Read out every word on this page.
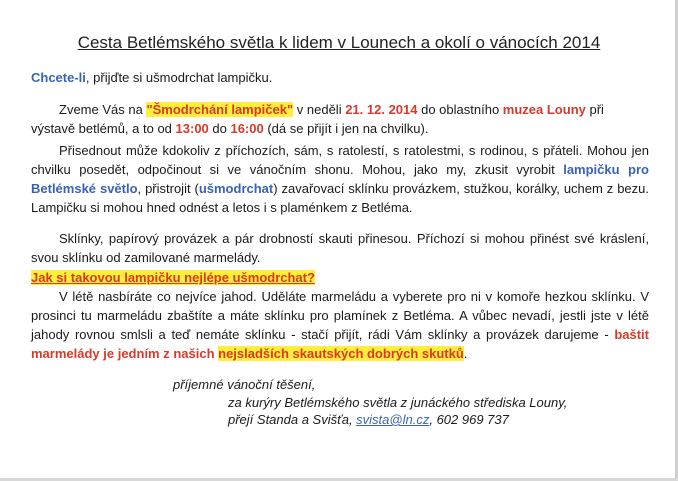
Cesta Betlémského světla k lidem v Lounech a okolí o vánocích 2014

Chcete-li, přijďte si ušmodrchat lampičku.

Zveme Vás na "Šmodrchání lampiček" v neděli 21. 12. 2014 do oblastního muzea Louny při výstavě betlémů, a to od 13:00 do 16:00 (dá se přijít i jen na chvilku).

Přisednout může kdokoliv z příchozích, sám, s ratolestí, s ratolestmi, s rodinou, s přáteli. Mohou jen chvilku posedět, odpočinout si ve vánočním shonu. Mohou, jako my, zkusit vyrobit lampičku pro Betlémské světlo, přistrojit (ušmodrchat) zavařovací sklínku provázkem, stužkou, korálky, uchem z bezu. Lampičku si mohou hned odnést a letos i s plaménkem z Betléma.

Sklínky, papírový provázek a pár drobností skauti přinesou. Příchozí si mohou přinést své kráslení, svou sklínku od zamilované marmelády.

Jak si takovou lampičku nejlépe ušmodrchat?

V létě nasbíráte co nejvíce jahod. Uděláte marmeládu a vyberete pro ni v komoře hezkou sklínku. V prosinci tu marmeládu zbaštíte a máte sklínku pro plamínek z Betléma. A vůbec nevadí, jestli jste v létě jahody rovnou smlsli a teď nemáte sklínku - stačí přijít, rádi Vám sklínky a provázek darujeme - baštit marmelády je jedním z našich nejsladších skautských dobrých skutků.

příjemné vánoční těšení,
za kurýry Betlémského světla z junáckého střediska Louny,
přejí Standa a Svišťa, svista@ln.cz, 602 969 737
